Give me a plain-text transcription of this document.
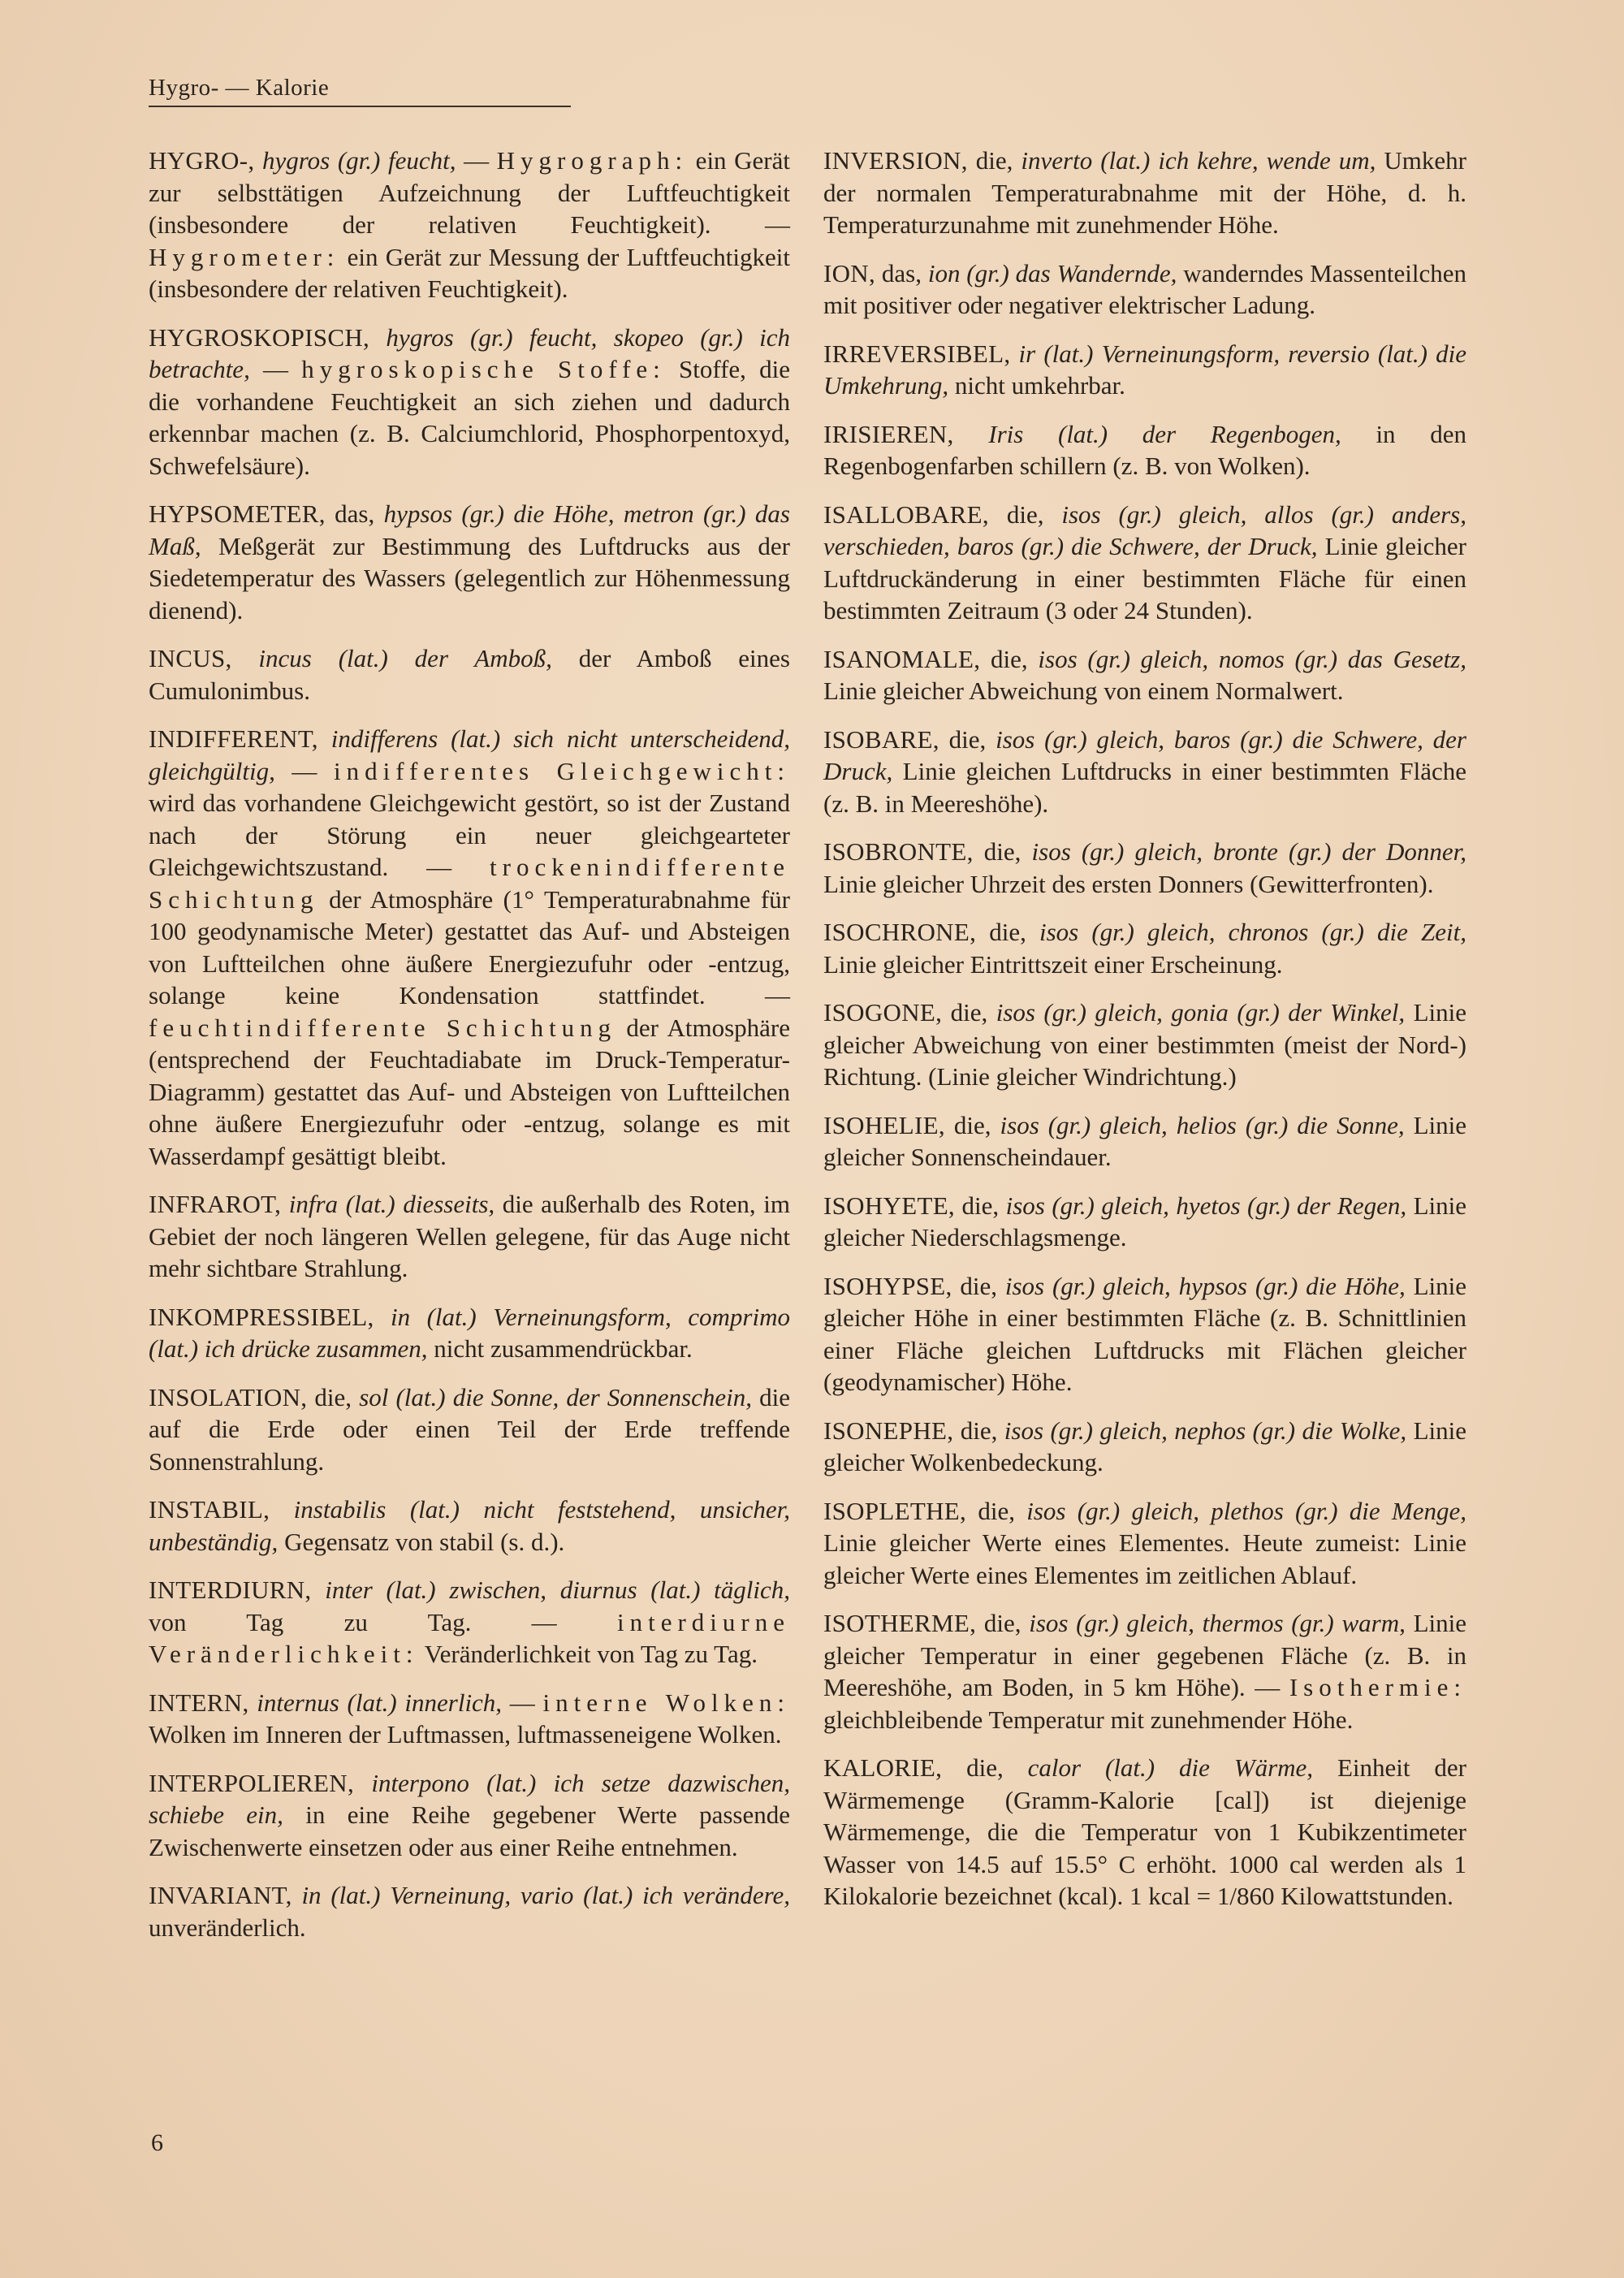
Hygro- — Kalorie

HYGRO-, hygros (gr.) feucht, — Hygrograph: ein Gerät zur selbsttätigen Aufzeichnung der Luftfeuchtigkeit (insbesondere der relativen Feuchtigkeit). — Hygrometer: ein Gerät zur Messung der Luftfeuchtigkeit (insbesondere der relativen Feuchtigkeit).

HYGROSKOPISCH, hygros (gr.) feucht, skopeo (gr.) ich betrachte, — hygroskopische Stoffe: Stoffe, die die vorhandene Feuchtigkeit an sich ziehen und dadurch erkennbar machen (z. B. Calciumchlorid, Phosphorpentoxyd, Schwefelsäure).

HYPSOMETER, das, hypsos (gr.) die Höhe, metron (gr.) das Maß, Meßgerät zur Bestimmung des Luftdrucks aus der Siedetemperatur des Wassers (gelegentlich zur Höhenmessung dienend).

INCUS, incus (lat.) der Amboß, der Amboß eines Cumulonimbus.

INDIFFERENT, indifferens (lat.) sich nicht unterscheidend, gleichgültig, — indifferentes Gleichgewicht: wird das vorhandene Gleichgewicht gestört, so ist der Zustand nach der Störung ein neuer gleichgearteter Gleichgewichtszustand. — trockenindifferente Schichtung der Atmosphäre (1° Temperaturabnahme für 100 geodynamische Meter) gestattet das Auf- und Absteigen von Luftteilchen ohne äußere Energiezufuhr oder -entzug, solange keine Kondensation stattfindet. — feuchtindifferente Schichtung der Atmosphäre (entsprechend der Feuchtadiabate im Druck-Temperatur-Diagramm) gestattet das Auf- und Absteigen von Luftteilchen ohne äußere Energiezufuhr oder -entzug, solange es mit Wasserdampf gesättigt bleibt.

INFRAROT, infra (lat.) diesseits, die außerhalb des Roten, im Gebiet der noch längeren Wellen gelegene, für das Auge nicht mehr sichtbare Strahlung.

INKOMPRESSIBEL, in (lat.) Verneinungsform, comprimo (lat.) ich drücke zusammen, nicht zusammendrückbar.

INSOLATION, die, sol (lat.) die Sonne, der Sonnenschein, die auf die Erde oder einen Teil der Erde treffende Sonnenstrahlung.

INSTABIL, instabilis (lat.) nicht feststehend, unsicher, unbeständig, Gegensatz von stabil (s. d.).

INTERDIURN, inter (lat.) zwischen, diurnus (lat.) täglich, von Tag zu Tag. — interdiurne Veränderlichkeit: Veränderlichkeit von Tag zu Tag.

INTERN, internus (lat.) innerlich, — interne Wolken: Wolken im Inneren der Luftmassen, luftmasseneigene Wolken.

INTERPOLIEREN, interpono (lat.) ich setze dazwischen, schiebe ein, in eine Reihe gegebener Werte passende Zwischenwerte einsetzen oder aus einer Reihe entnehmen.

INVARIANT, in (lat.) Verneinung, vario (lat.) ich verändere, unveränderlich.

INVERSION, die, inverto (lat.) ich kehre, wende um, Umkehr der normalen Temperaturabnahme mit der Höhe, d. h. Temperaturzunahme mit zunehmender Höhe.

ION, das, ion (gr.) das Wandernde, wanderndes Massenteilchen mit positiver oder negativer elektrischer Ladung.

IRREVERSIBEL, ir (lat.) Verneinungsform, reversio (lat.) die Umkehrung, nicht umkehrbar.

IRISIEREN, Iris (lat.) der Regenbogen, in den Regenbogenfarben schillern (z. B. von Wolken).

ISALLOBARE, die, isos (gr.) gleich, allos (gr.) anders, verschieden, baros (gr.) die Schwere, der Druck, Linie gleicher Luftdruckänderung in einer bestimmten Fläche für einen bestimmten Zeitraum (3 oder 24 Stunden).

ISANOMALE, die, isos (gr.) gleich, nomos (gr.) das Gesetz, Linie gleicher Abweichung von einem Normalwert.

ISOBARE, die, isos (gr.) gleich, baros (gr.) die Schwere, der Druck, Linie gleichen Luftdrucks in einer bestimmten Fläche (z. B. in Meereshöhe).

ISOBRONTE, die, isos (gr.) gleich, bronte (gr.) der Donner, Linie gleicher Uhrzeit des ersten Donners (Gewitterfronten).

ISOCHRONE, die, isos (gr.) gleich, chronos (gr.) die Zeit, Linie gleicher Eintrittszeit einer Erscheinung.

ISOGONE, die, isos (gr.) gleich, gonia (gr.) der Winkel, Linie gleicher Abweichung von einer bestimmten (meist der Nord-) Richtung. (Linie gleicher Windrichtung.)

ISOHELIE, die, isos (gr.) gleich, helios (gr.) die Sonne, Linie gleicher Sonnenscheindauer.

ISOHYETE, die, isos (gr.) gleich, hyetos (gr.) der Regen, Linie gleicher Niederschlagsmenge.

ISOHYPSE, die, isos (gr.) gleich, hypsos (gr.) die Höhe, Linie gleicher Höhe in einer bestimmten Fläche (z. B. Schnittlinien einer Fläche gleichen Luftdrucks mit Flächen gleicher (geodynamischer) Höhe.

ISONEPHE, die, isos (gr.) gleich, nephos (gr.) die Wolke, Linie gleicher Wolkenbedeckung.

ISOPLETHE, die, isos (gr.) gleich, plethos (gr.) die Menge, Linie gleicher Werte eines Elementes. Heute zumeist: Linie gleicher Werte eines Elementes im zeitlichen Ablauf.

ISOTHERME, die, isos (gr.) gleich, thermos (gr.) warm, Linie gleicher Temperatur in einer gegebenen Fläche (z. B. in Meereshöhe, am Boden, in 5 km Höhe). — Isothermie: gleichbleibende Temperatur mit zunehmender Höhe.

KALORIE, die, calor (lat.) die Wärme, Einheit der Wärmemenge (Gramm-Kalorie [cal]) ist diejenige Wärmemenge, die die Temperatur von 1 Kubikzentimeter Wasser von 14.5 auf 15.5° C erhöht. 1000 cal werden als 1 Kilokalorie bezeichnet (kcal). 1 kcal = 1/860 Kilowattstunden.

6
